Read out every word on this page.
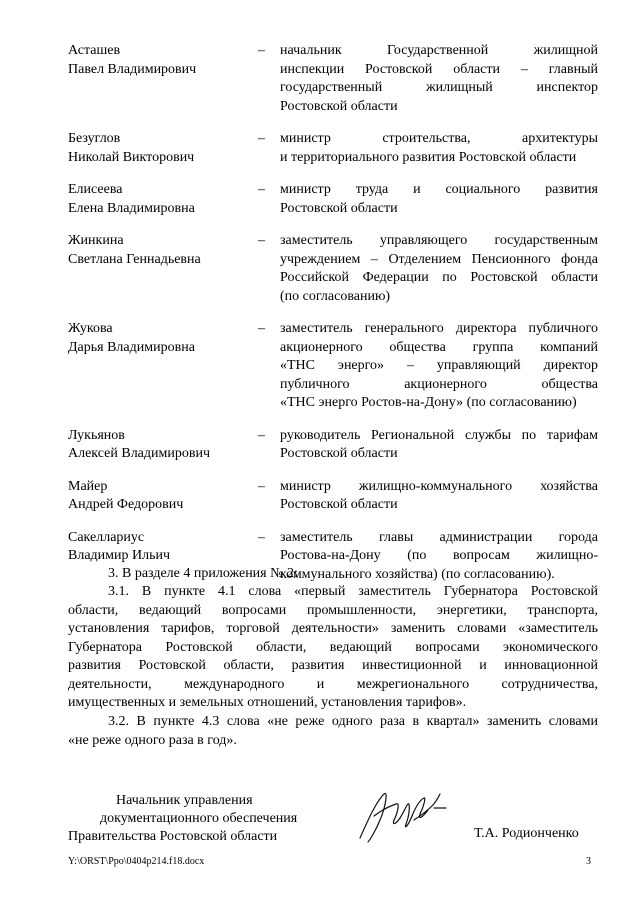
Асташев
Павел Владимирович
–	начальник Государственной жилищной
инспекции Ростовской области – главный
государственный жилищный инспектор
Ростовской области
Безуглов
Николай Викторович
–	министр строительства, архитектуры
и территориального развития Ростовской области
Елисеева
Елена Владимировна
–	министр труда и социального развития
Ростовской области
Жинкина
Светлана Геннадьевна
–	заместитель управляющего государственным
учреждением – Отделением Пенсионного фонда
Российской Федерации по Ростовской области
(по согласованию)
Жукова
Дарья Владимировна
–	заместитель генерального директора публичного
акционерного общества группа компаний
«ТНС энерго» – управляющий директор
публичного акционерного общества
«ТНС энерго Ростов-на-Дону» (по согласованию)
Лукьянов
Алексей Владимирович
–	руководитель Региональной службы по тарифам
Ростовской области
Майер
Андрей Федорович
–	министр жилищно-коммунального хозяйства
Ростовской области
Сакеллариус
Владимир Ильич
–	заместитель главы администрации города
Ростова-на-Дону (по вопросам жилищно-
коммунального хозяйства) (по согласованию).
3. В разделе 4 приложения № 2:
3.1. В пункте 4.1 слова «первый заместитель Губернатора Ростовской
области, ведающий вопросами промышленности, энергетики, транспорта,
установления тарифов, торговой деятельности» заменить словами «заместитель
Губернатора Ростовской области, ведающий вопросами экономического
развития Ростовской области, развития инвестиционной и инновационной
деятельности, международного и межрегионального сотрудничества,
имущественных и земельных отношений, установления тарифов».
3.2. В пункте 4.3 слова «не реже одного раза в квартал» заменить словами
«не реже одного раза в год».
Начальник управления
документационного обеспечения
Правительства Ростовской области	Т.А. Родионченко
Y:\ORST\Ppo\0404p214.f18.docx	3
